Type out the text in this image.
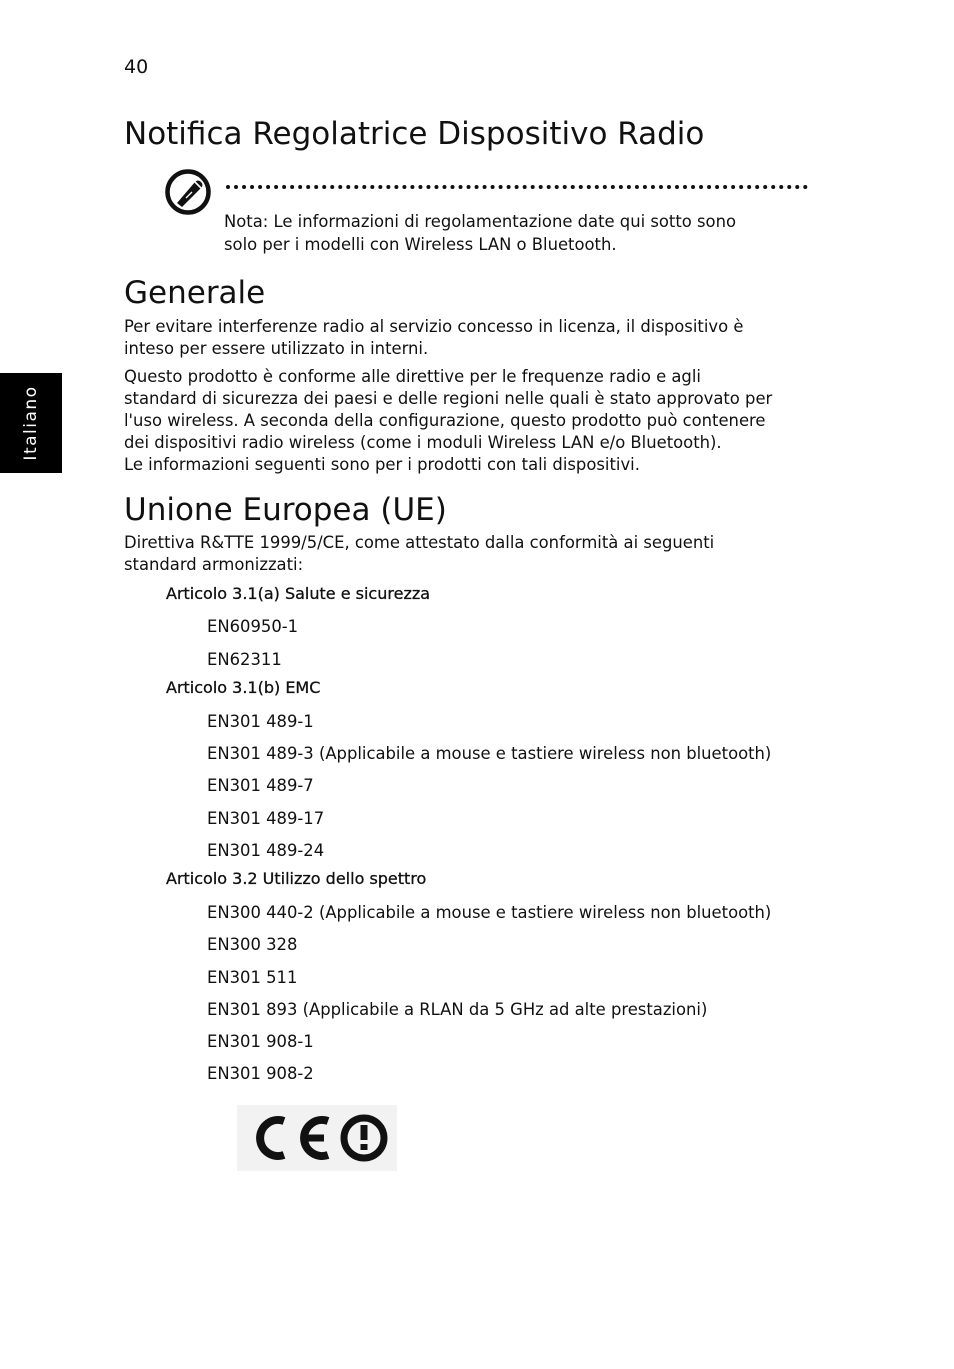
40
Italiano
Notifica Regolatrice Dispositivo Radio
Nota: Le informazioni di regolamentazione date qui sotto sono
solo per i modelli con Wireless LAN o Bluetooth.
Generale

Per evitare interferenze radio al servizio concesso in licenza, il dispositivo è
inteso per essere utilizzato in interni.

Questo prodotto è conforme alle direttive per le frequenze radio e agli
standard di sicurezza dei paesi e delle regioni nelle quali è stato approvato per
l'uso wireless. A seconda della configurazione, questo prodotto può contenere
dei dispositivi radio wireless (come i moduli Wireless LAN e/o Bluetooth).
Le informazioni seguenti sono per i prodotti con tali dispositivi.

Unione Europea (UE)

Direttiva R&TTE 1999/5/CE, come attestato dalla conformità ai seguenti
standard armonizzati:

Articolo 3.1(a) Salute e sicurezza
EN60950-1
EN62311
Articolo 3.1(b) EMC
EN301 489-1
EN301 489-3 (Applicabile a mouse e tastiere wireless non bluetooth)
EN301 489-7
EN301 489-17
EN301 489-24
Articolo 3.2 Utilizzo dello spettro
EN300 440-2 (Applicabile a mouse e tastiere wireless non bluetooth)
EN300 328
EN301 511
EN301 893 (Applicabile a RLAN da 5 GHz ad alte prestazioni)
EN301 908-1
EN301 908-2
